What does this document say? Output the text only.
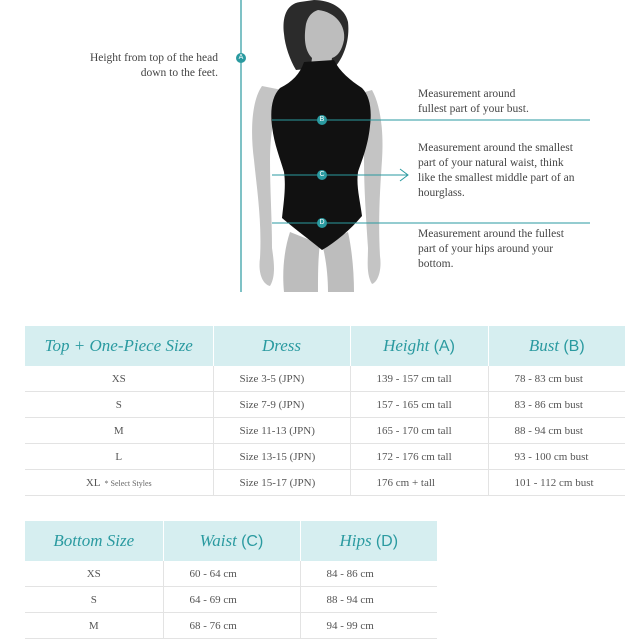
A
B
C
D
Height from top of the head
down to the feet.
Measurement around
fullest part of your bust.
Measurement around the smallest
part of your natural waist, think
like the smallest middle part of an
hourglass.
Measurement around the fullest
part of your hips around your
bottom.
Top + One-Piece Size	Dress	Height (A)	Bust (B)
XS	Size 3-5 (JPN)	139 - 157 cm tall	78 - 83 cm bust
S	Size 7-9 (JPN)	157 - 165 cm tall	83 - 86 cm bust
M	Size 11-13 (JPN)	165 - 170 cm tall	88 - 94 cm bust
L	Size 13-15 (JPN)	172 - 176 cm tall	93 - 100 cm bust
XL * Select Styles	Size 15-17 (JPN)	176 cm + tall	101 - 112 cm bust
Bottom Size	Waist (C)	Hips (D)
XS	60 - 64 cm	84 - 86 cm
S	64 - 69 cm	88 - 94 cm
M	68 - 76 cm	94 - 99 cm
